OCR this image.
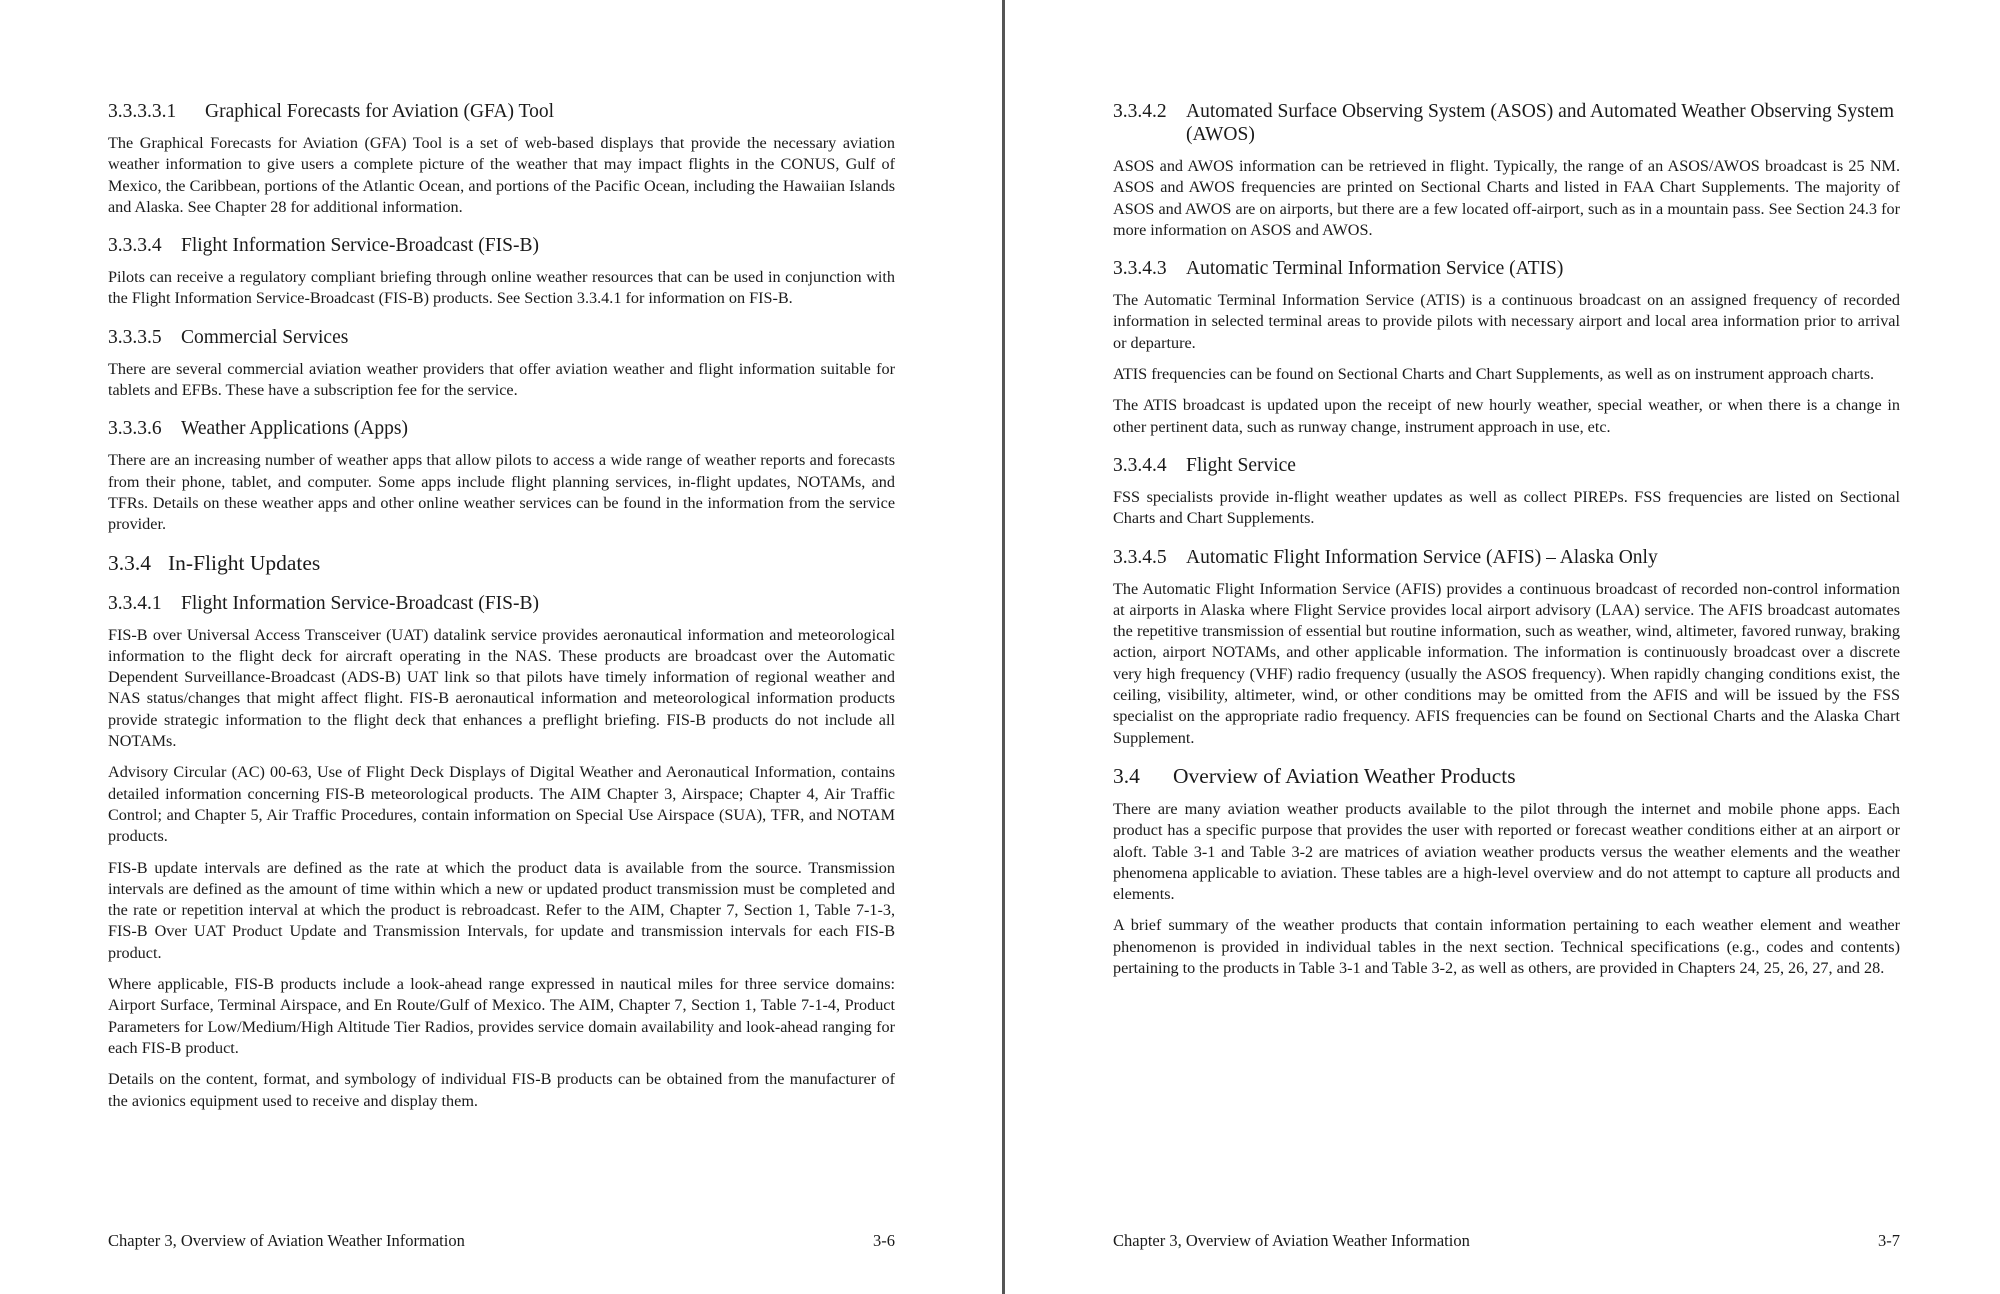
3.3.3.3.1	Graphical Forecasts for Aviation (GFA) Tool

The Graphical Forecasts for Aviation (GFA) Tool is a set of web-based displays that provide the necessary aviation weather information to give users a complete picture of the weather that may impact flights in the CONUS, Gulf of Mexico, the Caribbean, portions of the Atlantic Ocean, and portions of the Pacific Ocean, including the Hawaiian Islands and Alaska. See Chapter 28 for additional information.

3.3.3.4 Flight Information Service-Broadcast (FIS-B)

Pilots can receive a regulatory compliant briefing through online weather resources that can be used in conjunction with the Flight Information Service-Broadcast (FIS-B) products. See Section 3.3.4.1 for information on FIS-B.

3.3.3.5 Commercial Services

There are several commercial aviation weather providers that offer aviation weather and flight information suitable for tablets and EFBs. These have a subscription fee for the service.

3.3.3.6 Weather Applications (Apps)

There are an increasing number of weather apps that allow pilots to access a wide range of weather reports and forecasts from their phone, tablet, and computer. Some apps include flight planning services, in-flight updates, NOTAMs, and TFRs. Details on these weather apps and other online weather services can be found in the information from the service provider.

3.3.4 In-Flight Updates
3.3.4.1 Flight Information Service-Broadcast (FIS-B)

FIS-B over Universal Access Transceiver (UAT) datalink service provides aeronautical information and meteorological information to the flight deck for aircraft operating in the NAS. These products are broadcast over the Automatic Dependent Surveillance-Broadcast (ADS-B) UAT link so that pilots have timely information of regional weather and NAS status/changes that might affect flight. FIS-B aeronautical information and meteorological information products provide strategic information to the flight deck that enhances a preflight briefing. FIS-B products do not include all NOTAMs.

Advisory Circular (AC) 00-63, Use of Flight Deck Displays of Digital Weather and Aeronautical Information, contains detailed information concerning FIS-B meteorological products. The AIM Chapter 3, Airspace; Chapter 4, Air Traffic Control; and Chapter 5, Air Traffic Procedures, contain information on Special Use Airspace (SUA), TFR, and NOTAM products.

FIS-B update intervals are defined as the rate at which the product data is available from the source. Transmission intervals are defined as the amount of time within which a new or updated product transmission must be completed and the rate or repetition interval at which the product is rebroadcast. Refer to the AIM, Chapter 7, Section 1, Table 7-1-3, FIS-B Over UAT Product Update and Transmission Intervals, for update and transmission intervals for each FIS-B product.

Where applicable, FIS-B products include a look-ahead range expressed in nautical miles for three service domains: Airport Surface, Terminal Airspace, and En Route/Gulf of Mexico. The AIM, Chapter 7, Section 1, Table 7-1-4, Product Parameters for Low/Medium/High Altitude Tier Radios, provides service domain availability and look-ahead ranging for each FIS-B product.

Details on the content, format, and symbology of individual FIS-B products can be obtained from the manufacturer of the avionics equipment used to receive and display them.

Chapter 3, Overview of Aviation Weather Information	3-6
3.3.4.2 Automated Surface Observing System (ASOS) and Automated Weather Observing System (AWOS)

ASOS and AWOS information can be retrieved in flight. Typically, the range of an ASOS/AWOS broadcast is 25 NM. ASOS and AWOS frequencies are printed on Sectional Charts and listed in FAA Chart Supplements. The majority of ASOS and AWOS are on airports, but there are a few located off-airport, such as in a mountain pass. See Section 24.3 for more information on ASOS and AWOS.

3.3.4.3 Automatic Terminal Information Service (ATIS)

The Automatic Terminal Information Service (ATIS) is a continuous broadcast on an assigned frequency of recorded information in selected terminal areas to provide pilots with necessary airport and local area information prior to arrival or departure.

ATIS frequencies can be found on Sectional Charts and Chart Supplements, as well as on instrument approach charts.

The ATIS broadcast is updated upon the receipt of new hourly weather, special weather, or when there is a change in other pertinent data, such as runway change, instrument approach in use, etc.

3.3.4.4 Flight Service

FSS specialists provide in-flight weather updates as well as collect PIREPs. FSS frequencies are listed on Sectional Charts and Chart Supplements.

3.3.4.5 Automatic Flight Information Service (AFIS) – Alaska Only

The Automatic Flight Information Service (AFIS) provides a continuous broadcast of recorded non-control information at airports in Alaska where Flight Service provides local airport advisory (LAA) service. The AFIS broadcast automates the repetitive transmission of essential but routine information, such as weather, wind, altimeter, favored runway, braking action, airport NOTAMs, and other applicable information. The information is continuously broadcast over a discrete very high frequency (VHF) radio frequency (usually the ASOS frequency). When rapidly changing conditions exist, the ceiling, visibility, altimeter, wind, or other conditions may be omitted from the AFIS and will be issued by the FSS specialist on the appropriate radio frequency. AFIS frequencies can be found on Sectional Charts and the Alaska Chart Supplement.

3.4	Overview of Aviation Weather Products

There are many aviation weather products available to the pilot through the internet and mobile phone apps. Each product has a specific purpose that provides the user with reported or forecast weather conditions either at an airport or aloft. Table 3-1 and Table 3-2 are matrices of aviation weather products versus the weather elements and the weather phenomena applicable to aviation. These tables are a high-level overview and do not attempt to capture all products and elements.

A brief summary of the weather products that contain information pertaining to each weather element and weather phenomenon is provided in individual tables in the next section. Technical specifications (e.g., codes and contents) pertaining to the products in Table 3-1 and Table 3-2, as well as others, are provided in Chapters 24, 25, 26, 27, and 28.

Chapter 3, Overview of Aviation Weather Information	3-7
